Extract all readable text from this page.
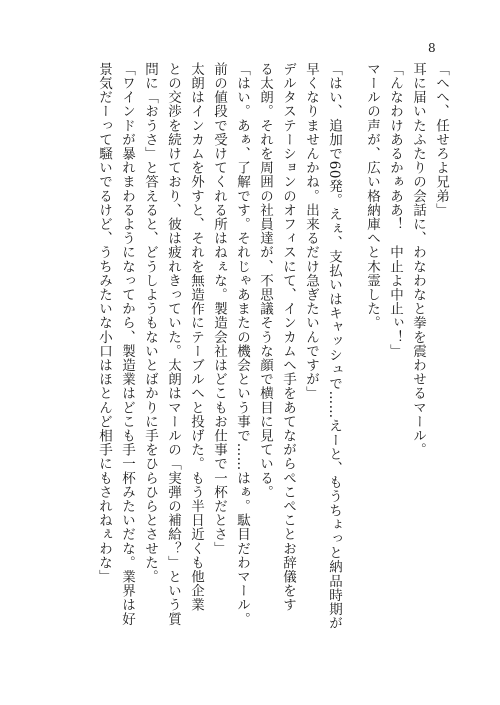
8
「へへ、任せろよ兄弟」
耳に届いたふたりの会話に、わなわなと拳を震わせるマール。
「んなわけあるかぁああ！　中止よ中止ぃ！」
マールの声が、広い格納庫へと木霊した。
「はい、追加で60発。えぇ、支払いはキャッシュで……えーと、もうちょっと納品時期が
早くなりませんかね。出来るだけ急ぎたいんですが」
デルタステーションのオフィスにて、インカムへ手をあてながらぺこぺことお辞儀をす
る太朗。それを周囲の社員達が、不思議そうな顔で横目に見ている。
「はい。あぁ、了解です。それじゃあまたの機会という事で……はぁ。駄目だわマール。
前の値段で受けてくれる所はねぇな。製造会社はどこもお仕事で一杯だとさ」
太朗はインカムを外すと、それを無造作にテーブルへと投げた。もう半日近くも他企業
との交渉を続けており、彼は疲れきっていた。太朗はマールの「実弾の補給？」という質
問に「おうさ」と答えると、どうしようもないとばかりに手をひらひらとさせた。
「ワインドが暴れまわるようになってから、製造業はどこも手一杯みたいだな。業界は好
景気だーって騒いでるけど、うちみたいな小口はほとんど相手にもされねぇわな」
